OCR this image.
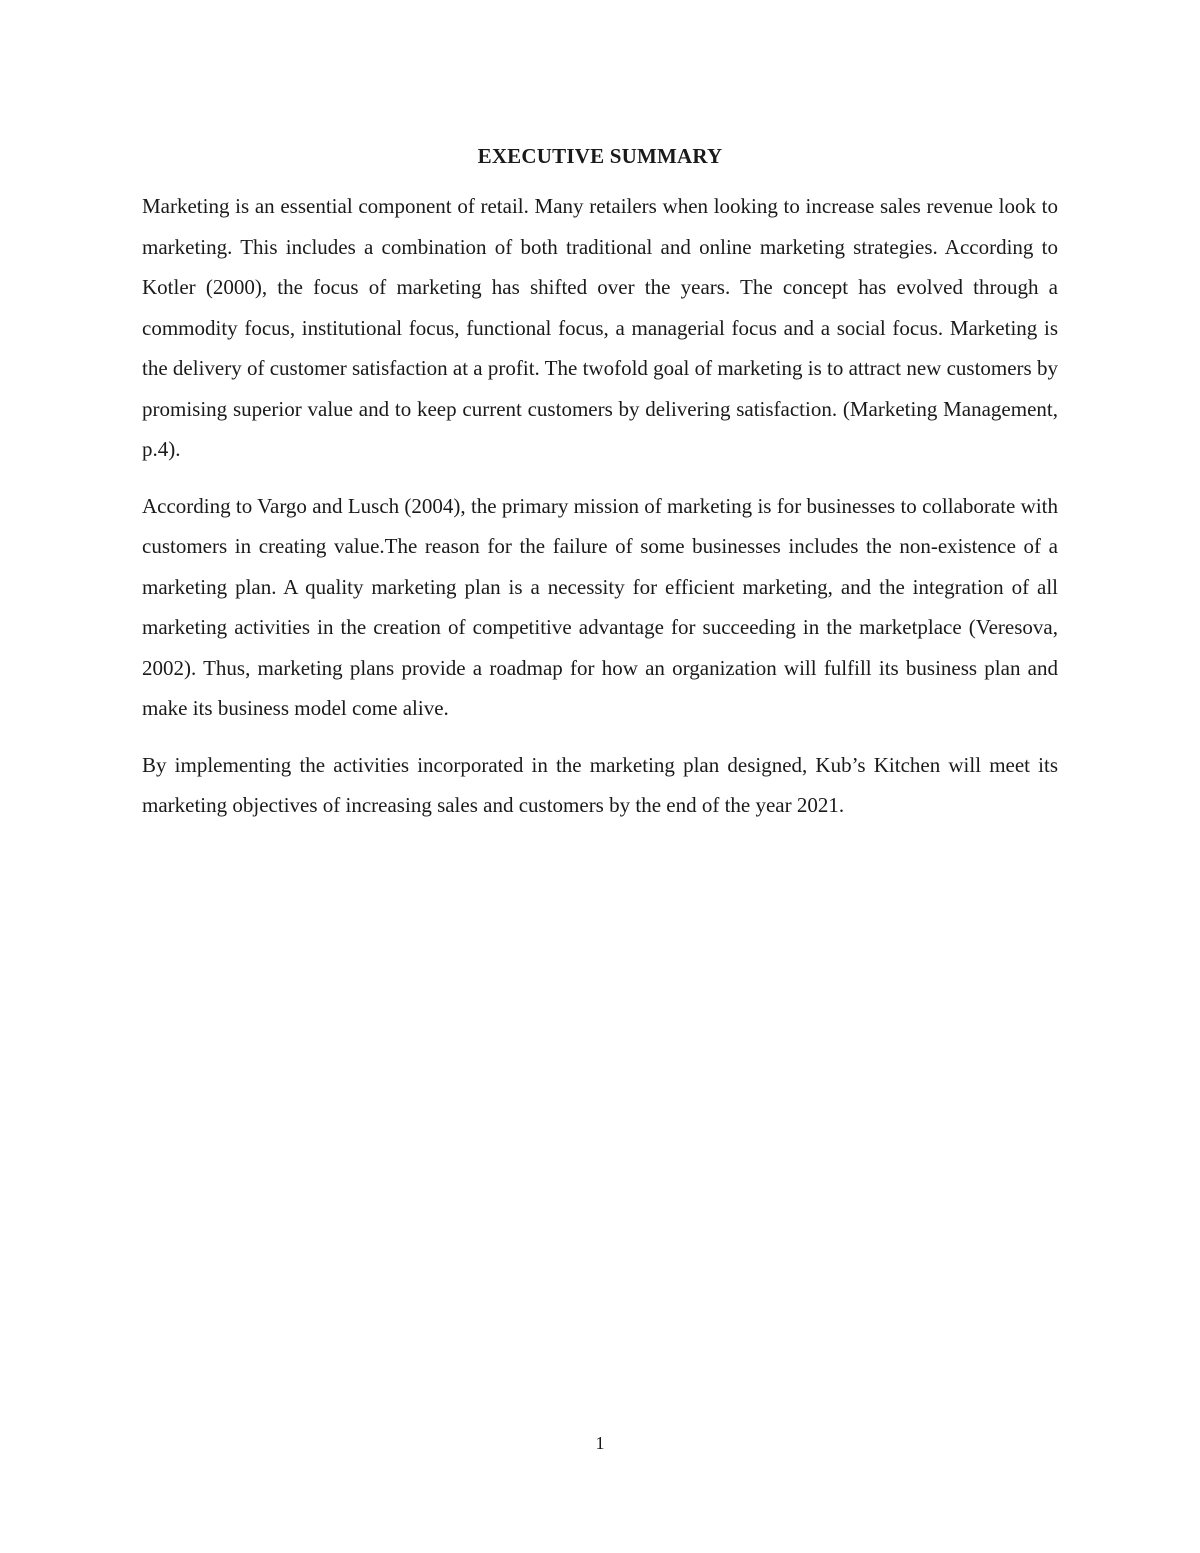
EXECUTIVE SUMMARY

Marketing is an essential component of retail. Many retailers when looking to increase sales revenue look to marketing. This includes a combination of both traditional and online marketing strategies. According to Kotler (2000), the focus of marketing has shifted over the years. The concept has evolved through a commodity focus, institutional focus, functional focus, a managerial focus and a social focus. Marketing is the delivery of customer satisfaction at a profit. The twofold goal of marketing is to attract new customers by promising superior value and to keep current customers by delivering satisfaction. (Marketing Management, p.4).

According to Vargo and Lusch (2004), the primary mission of marketing is for businesses to collaborate with customers in creating value.The reason for the failure of some businesses includes the non-existence of a marketing plan. A quality marketing plan is a necessity for efficient marketing, and the integration of all marketing activities in the creation of competitive advantage for succeeding in the marketplace (Veresova, 2002). Thus, marketing plans provide a roadmap for how an organization will fulfill its business plan and make its business model come alive.

By implementing the activities incorporated in the marketing plan designed, Kub’s Kitchen will meet its marketing objectives of increasing sales and customers by the end of the year 2021.

1
